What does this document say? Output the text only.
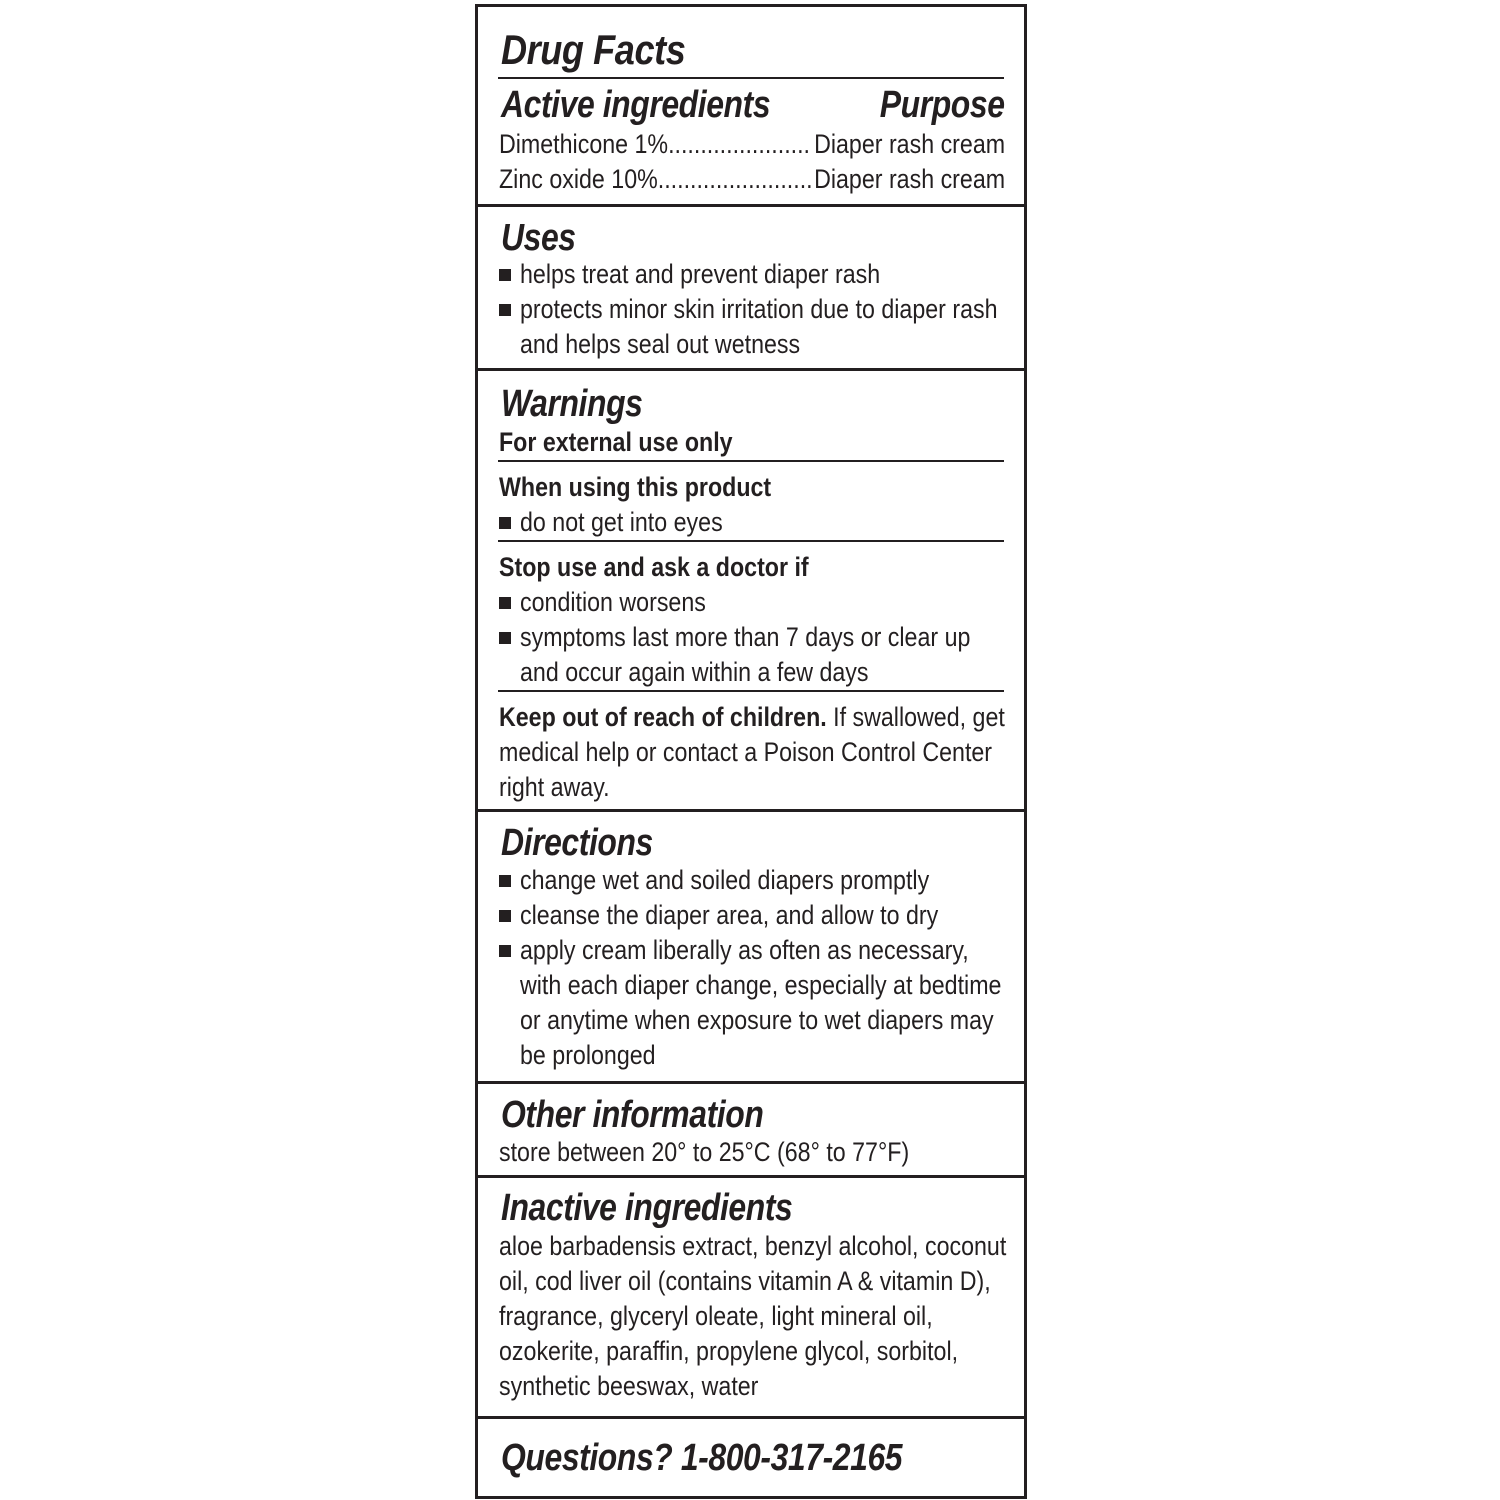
Drug Facts
Active ingredients	Purpose
Dimethicone 1%...................... Diaper rash cream
Zinc oxide 10%........................ Diaper rash cream
Uses
helps treat and prevent diaper rash
protects minor skin irritation due to diaper rash
and helps seal out wetness
Warnings
For external use only
When using this product
do not get into eyes
Stop use and ask a doctor if
condition worsens
symptoms last more than 7 days or clear up
and occur again within a few days
Keep out of reach of children. If swallowed, get
medical help or contact a Poison Control Center
right away.
Directions
change wet and soiled diapers promptly
cleanse the diaper area, and allow to dry
apply cream liberally as often as necessary,
with each diaper change, especially at bedtime
or anytime when exposure to wet diapers may
be prolonged
Other information
store between 20° to 25°C (68° to 77°F)
Inactive ingredients
aloe barbadensis extract, benzyl alcohol, coconut
oil, cod liver oil (contains vitamin A & vitamin D),
fragrance, glyceryl oleate, light mineral oil,
ozokerite, paraffin, propylene glycol, sorbitol,
synthetic beeswax, water
Questions? 1-800-317-2165
